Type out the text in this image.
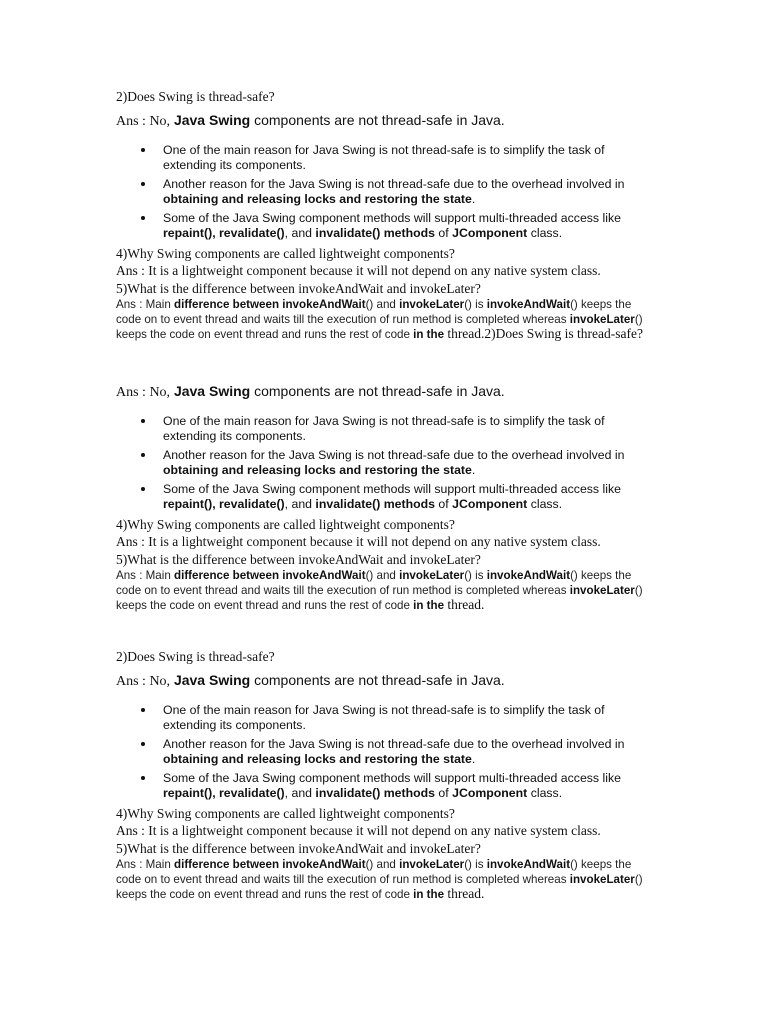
2)Does Swing is thread-safe?

Ans : No, Java Swing components are not thread-safe in Java.

One of the main reason for Java Swing is not thread-safe is to simplify the task of extending its components.
Another reason for the Java Swing is not thread-safe due to the overhead involved in obtaining and releasing locks and restoring the state.
Some of the Java Swing component methods will support multi-threaded access like repaint(), revalidate(), and invalidate() methods of JComponent class.

4)Why Swing components are called lightweight components?

Ans : It is a lightweight component because it will not depend on any native system class.

5)What is the difference between invokeAndWait and invokeLater?

Ans : Main difference between invokeAndWait() and invokeLater() is invokeAndWait() keeps the code on to event thread and waits till the execution of run method is completed whereas invokeLater() keeps the code on event thread and runs the rest of code in the thread.2)Does Swing is thread-safe?

Ans : No, Java Swing components are not thread-safe in Java.

One of the main reason for Java Swing is not thread-safe is to simplify the task of extending its components.
Another reason for the Java Swing is not thread-safe due to the overhead involved in obtaining and releasing locks and restoring the state.
Some of the Java Swing component methods will support multi-threaded access like repaint(), revalidate(), and invalidate() methods of JComponent class.

4)Why Swing components are called lightweight components?

Ans : It is a lightweight component because it will not depend on any native system class.

5)What is the difference between invokeAndWait and invokeLater?

Ans : Main difference between invokeAndWait() and invokeLater() is invokeAndWait() keeps the code on to event thread and waits till the execution of run method is completed whereas invokeLater() keeps the code on event thread and runs the rest of code in the thread.

2)Does Swing is thread-safe?

Ans : No, Java Swing components are not thread-safe in Java.

One of the main reason for Java Swing is not thread-safe is to simplify the task of extending its components.
Another reason for the Java Swing is not thread-safe due to the overhead involved in obtaining and releasing locks and restoring the state.
Some of the Java Swing component methods will support multi-threaded access like repaint(), revalidate(), and invalidate() methods of JComponent class.

4)Why Swing components are called lightweight components?

Ans : It is a lightweight component because it will not depend on any native system class.

5)What is the difference between invokeAndWait and invokeLater?

Ans : Main difference between invokeAndWait() and invokeLater() is invokeAndWait() keeps the code on to event thread and waits till the execution of run method is completed whereas invokeLater() keeps the code on event thread and runs the rest of code in the thread.
